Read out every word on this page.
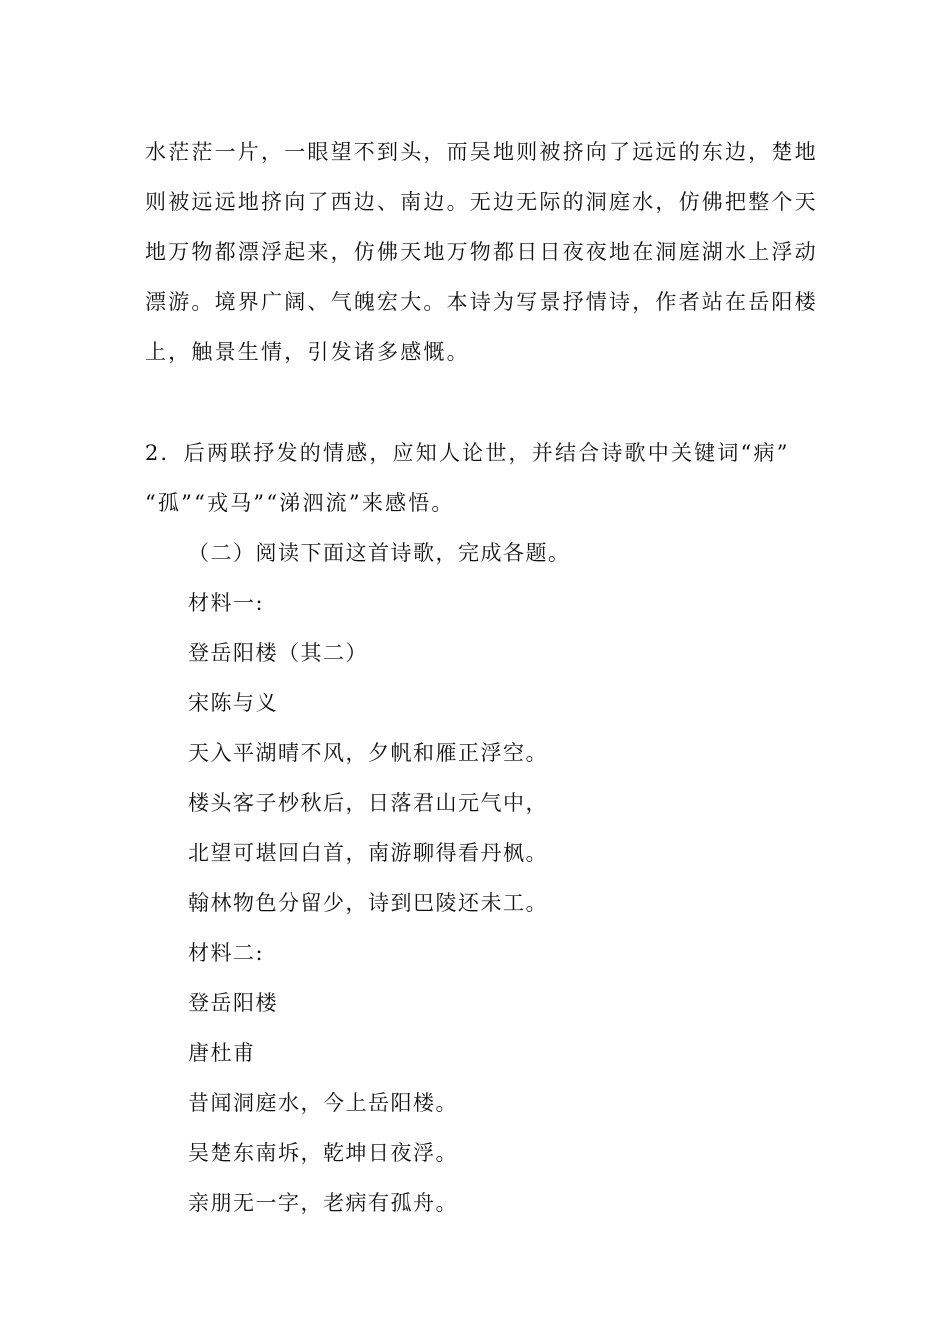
水茫茫一片，一眼望不到头，而吴地则被挤向了远远的东边，楚地
则被远远地挤向了西边、南边。无边无际的洞庭水，仿佛把整个天
地万物都漂浮起来，仿佛天地万物都日日夜夜地在洞庭湖水上浮动
漂游。境界广阔、气魄宏大。本诗为写景抒情诗，作者站在岳阳楼
上，触景生情，引发诸多感慨。
2．后两联抒发的情感，应知人论世，并结合诗歌中关键词“病”
“孤”“戎马”“涕泗流”来感悟。
（二）阅读下面这首诗歌，完成各题。
材料一:
登岳阳楼（其二）
宋陈与义
天入平湖晴不风，夕帆和雁正浮空。
楼头客子杪秋后，日落君山元气中，
北望可堪回白首，南游聊得看丹枫。
翰林物色分留少，诗到巴陵还未工。
材料二:
登岳阳楼
唐杜甫
昔闻洞庭水，今上岳阳楼。
吴楚东南坼，乾坤日夜浮。
亲朋无一字，老病有孤舟。
